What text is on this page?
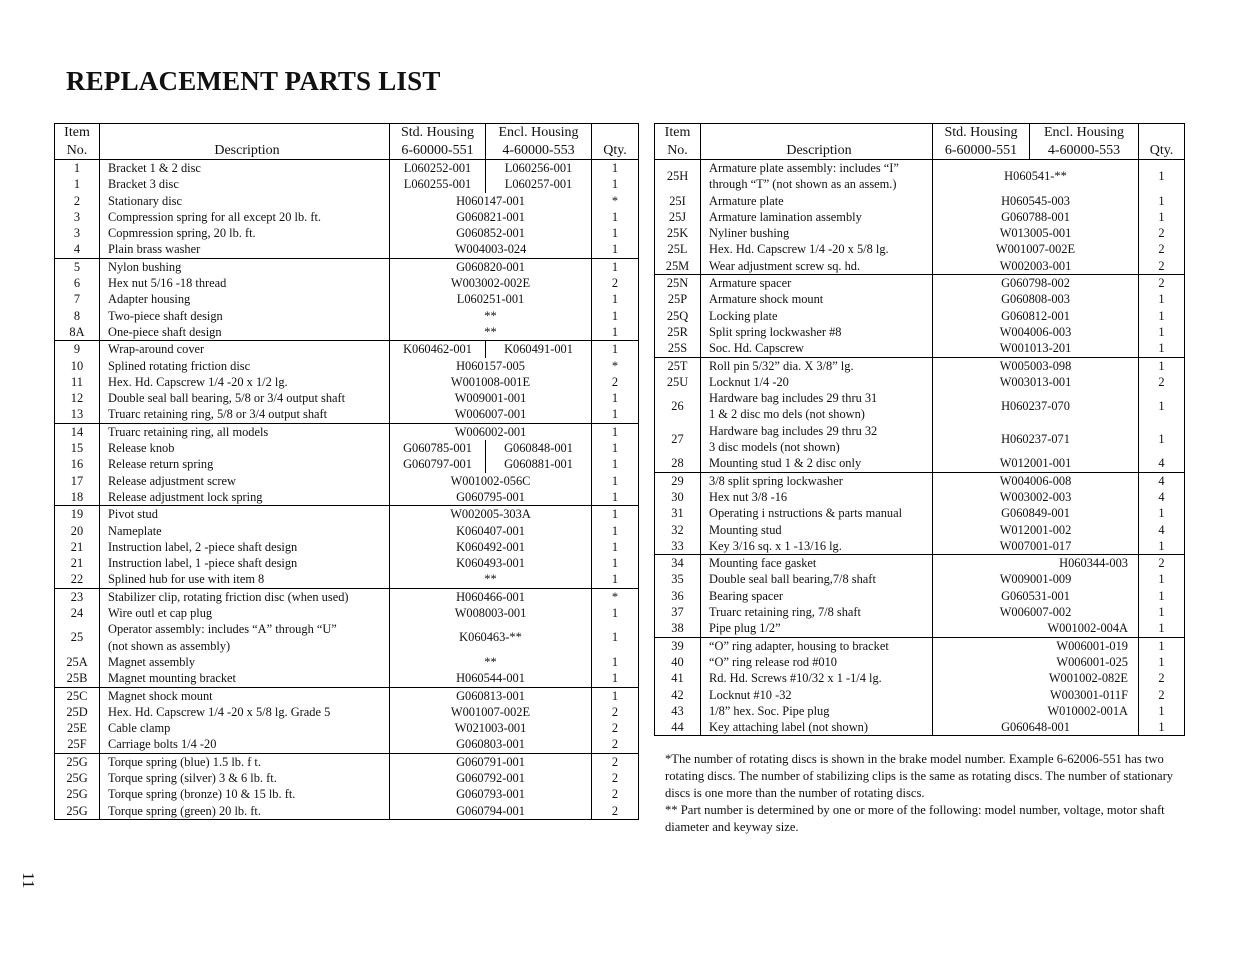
REPLACEMENT PARTS LIST
Item		Std. Housing	Encl. Housing	
No.	Description	6-60000-551	4-60000-553	Qty.
1	Bracket 1 & 2 disc	L060252-001	L060256-001	1
1	Bracket 3 disc	L060255-001	L060257-001	1
2	Stationary disc	H060147-001		*
3	Compression spring for all except 20 lb. ft.	G060821-001		1
3	Copmression spring, 20 lb. ft.	G060852-001		1
4	Plain brass washer	W004003-024		1
5	Nylon bushing	G060820-001		1
6	Hex nut 5/16 -18 thread	W003002-002E		2
7	Adapter housing	L060251-001		1
8	Two-piece shaft design	**		1
8A	One-piece shaft design	**		1
9	Wrap-around cover	K060462-001	K060491-001	1
10	Splined rotating friction disc	H060157-005		*
11	Hex. Hd. Capscrew 1/4 -20 x 1/2 lg.	W001008-001E		2
12	Double seal ball bearing, 5/8 or 3/4 output shaft	W009001-001		1
13	Truarc retaining ring, 5/8 or 3/4 output shaft	W006007-001		1
14	Truarc retaining ring, all models	W006002-001		1
15	Release knob	G060785-001	G060848-001	1
16	Release return spring	G060797-001	G060881-001	1
17	Release adjustment screw	W001002-056C		1
18	Release adjustment lock spring	G060795-001		1
19	Pivot stud	W002005-303A		1
20	Nameplate	K060407-001		1
21	Instruction label, 2 -piece shaft design	K060492-001		1
21	Instruction label, 1 -piece shaft design	K060493-001		1
22	Splined hub for use with item 8	**		1
23	Stabilizer clip, rotating friction disc (when used)	H060466-001		*
24	Wire outl et cap plug	W008003-001		1
25	Operator assembly: includes “A” through “U”
(not shown as assembly)	K060463-**		1
25A	Magnet assembly	**		1
25B	Magnet mounting bracket	H060544-001		1
25C	Magnet shock mount	G060813-001		1
25D	Hex. Hd. Capscrew 1/4 -20 x 5/8 lg. Grade 5	W001007-002E		2
25E	Cable clamp	W021003-001		2
25F	Carriage bolts 1/4 -20	G060803-001		2
25G	Torque spring (blue) 1.5 lb. f t.	G060791-001		2
25G	Torque spring (silver) 3 & 6 lb. ft.	G060792-001		2
25G	Torque spring (bronze) 10 & 15 lb. ft.	G060793-001		2
25G	Torque spring (green) 20 lb. ft.	G060794-001		2
Item		Std. Housing	Encl. Housing	
No.	Description	6-60000-551	4-60000-553	Qty.
25H	Armature plate assembly: includes “I”
through “T” (not shown as an assem.)	H060541-**		1
25I	Armature plate	H060545-003		1
25J	Armature lamination assembly	G060788-001		1
25K	Nyliner bushing	W013005-001		2
25L	Hex. Hd. Capscrew 1/4 -20 x 5/8 lg.	W001007-002E		2
25M	Wear adjustment screw sq. hd.	W002003-001		2
25N	Armature spacer	G060798-002		2
25P	Armature shock mount	G060808-003		1
25Q	Locking plate	G060812-001		1
25R	Split spring lockwasher #8	W004006-003		1
25S	Soc. Hd. Capscrew	W001013-201		1
25T	Roll pin 5/32” dia. X 3/8” lg.	W005003-098		1
25U	Locknut 1/4 -20	W003013-001		2
26	Hardware bag includes 29 thru 31
1 & 2 disc mo dels (not shown)	H060237-070		1
27	Hardware bag includes 29 thru 32
3 disc models (not shown)	H060237-071		1
28	Mounting stud 1 & 2 disc only	W012001-001		4
29	3/8 split spring lockwasher	W004006-008		4
30	Hex nut 3/8 -16	W003002-003		4
31	Operating i nstructions & parts manual	G060849-001		1
32	Mounting stud	W012001-002		4
33	Key 3/16 sq. x 1 -13/16 lg.	W007001-017		1
34	Mounting face gasket	H060344-003		2
35	Double seal ball bearing,7/8 shaft	W009001-009		1
36	Bearing spacer	G060531-001		1
37	Truarc retaining ring, 7/8 shaft	W006007-002		1
38	Pipe plug 1/2”	W001002-004A		1
39	“O” ring adapter, housing to bracket	W006001-019		1
40	“O” ring release rod #010	W006001-025		1
41	Rd. Hd. Screws #10/32 x 1 -1/4 lg.	W001002-082E		2
42	Locknut #10 -32	W003001-011F		2
43	1/8” hex. Soc. Pipe plug	W010002-001A		1
44	Key attaching label (not shown)	G060648-001		1
*The number of rotating discs is shown in the brake model number. Example 6-62006-551 has two rotating discs. The number of stabilizing clips is the same as rotating discs. The number of stationary discs is one more than the number of rotating discs.
** Part number is determined by one or more of the following: model number, voltage, motor shaft diameter and keyway size.
11
